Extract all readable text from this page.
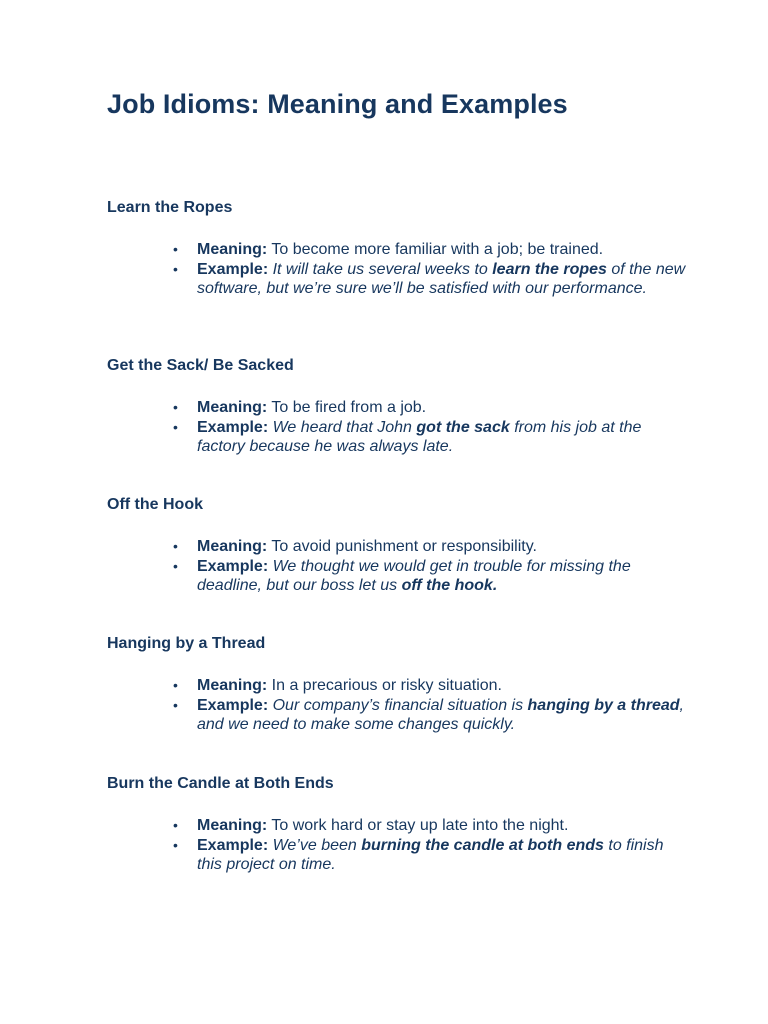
Job Idioms: Meaning and Examples
Learn the Ropes
• Meaning: To become more familiar with a job; be trained.
• Example: It will take us several weeks to learn the ropes of the new software, but we’re sure we’ll be satisfied with our performance.
Get the Sack/ Be Sacked
• Meaning: To be fired from a job.
• Example: We heard that John got the sack from his job at the factory because he was always late.
Off the Hook
• Meaning: To avoid punishment or responsibility.
• Example: We thought we would get in trouble for missing the deadline, but our boss let us off the hook.
Hanging by a Thread
• Meaning: In a precarious or risky situation.
• Example: Our company’s financial situation is hanging by a thread, and we need to make some changes quickly.
Burn the Candle at Both Ends
• Meaning: To work hard or stay up late into the night.
• Example: We’ve been burning the candle at both ends to finish this project on time.
